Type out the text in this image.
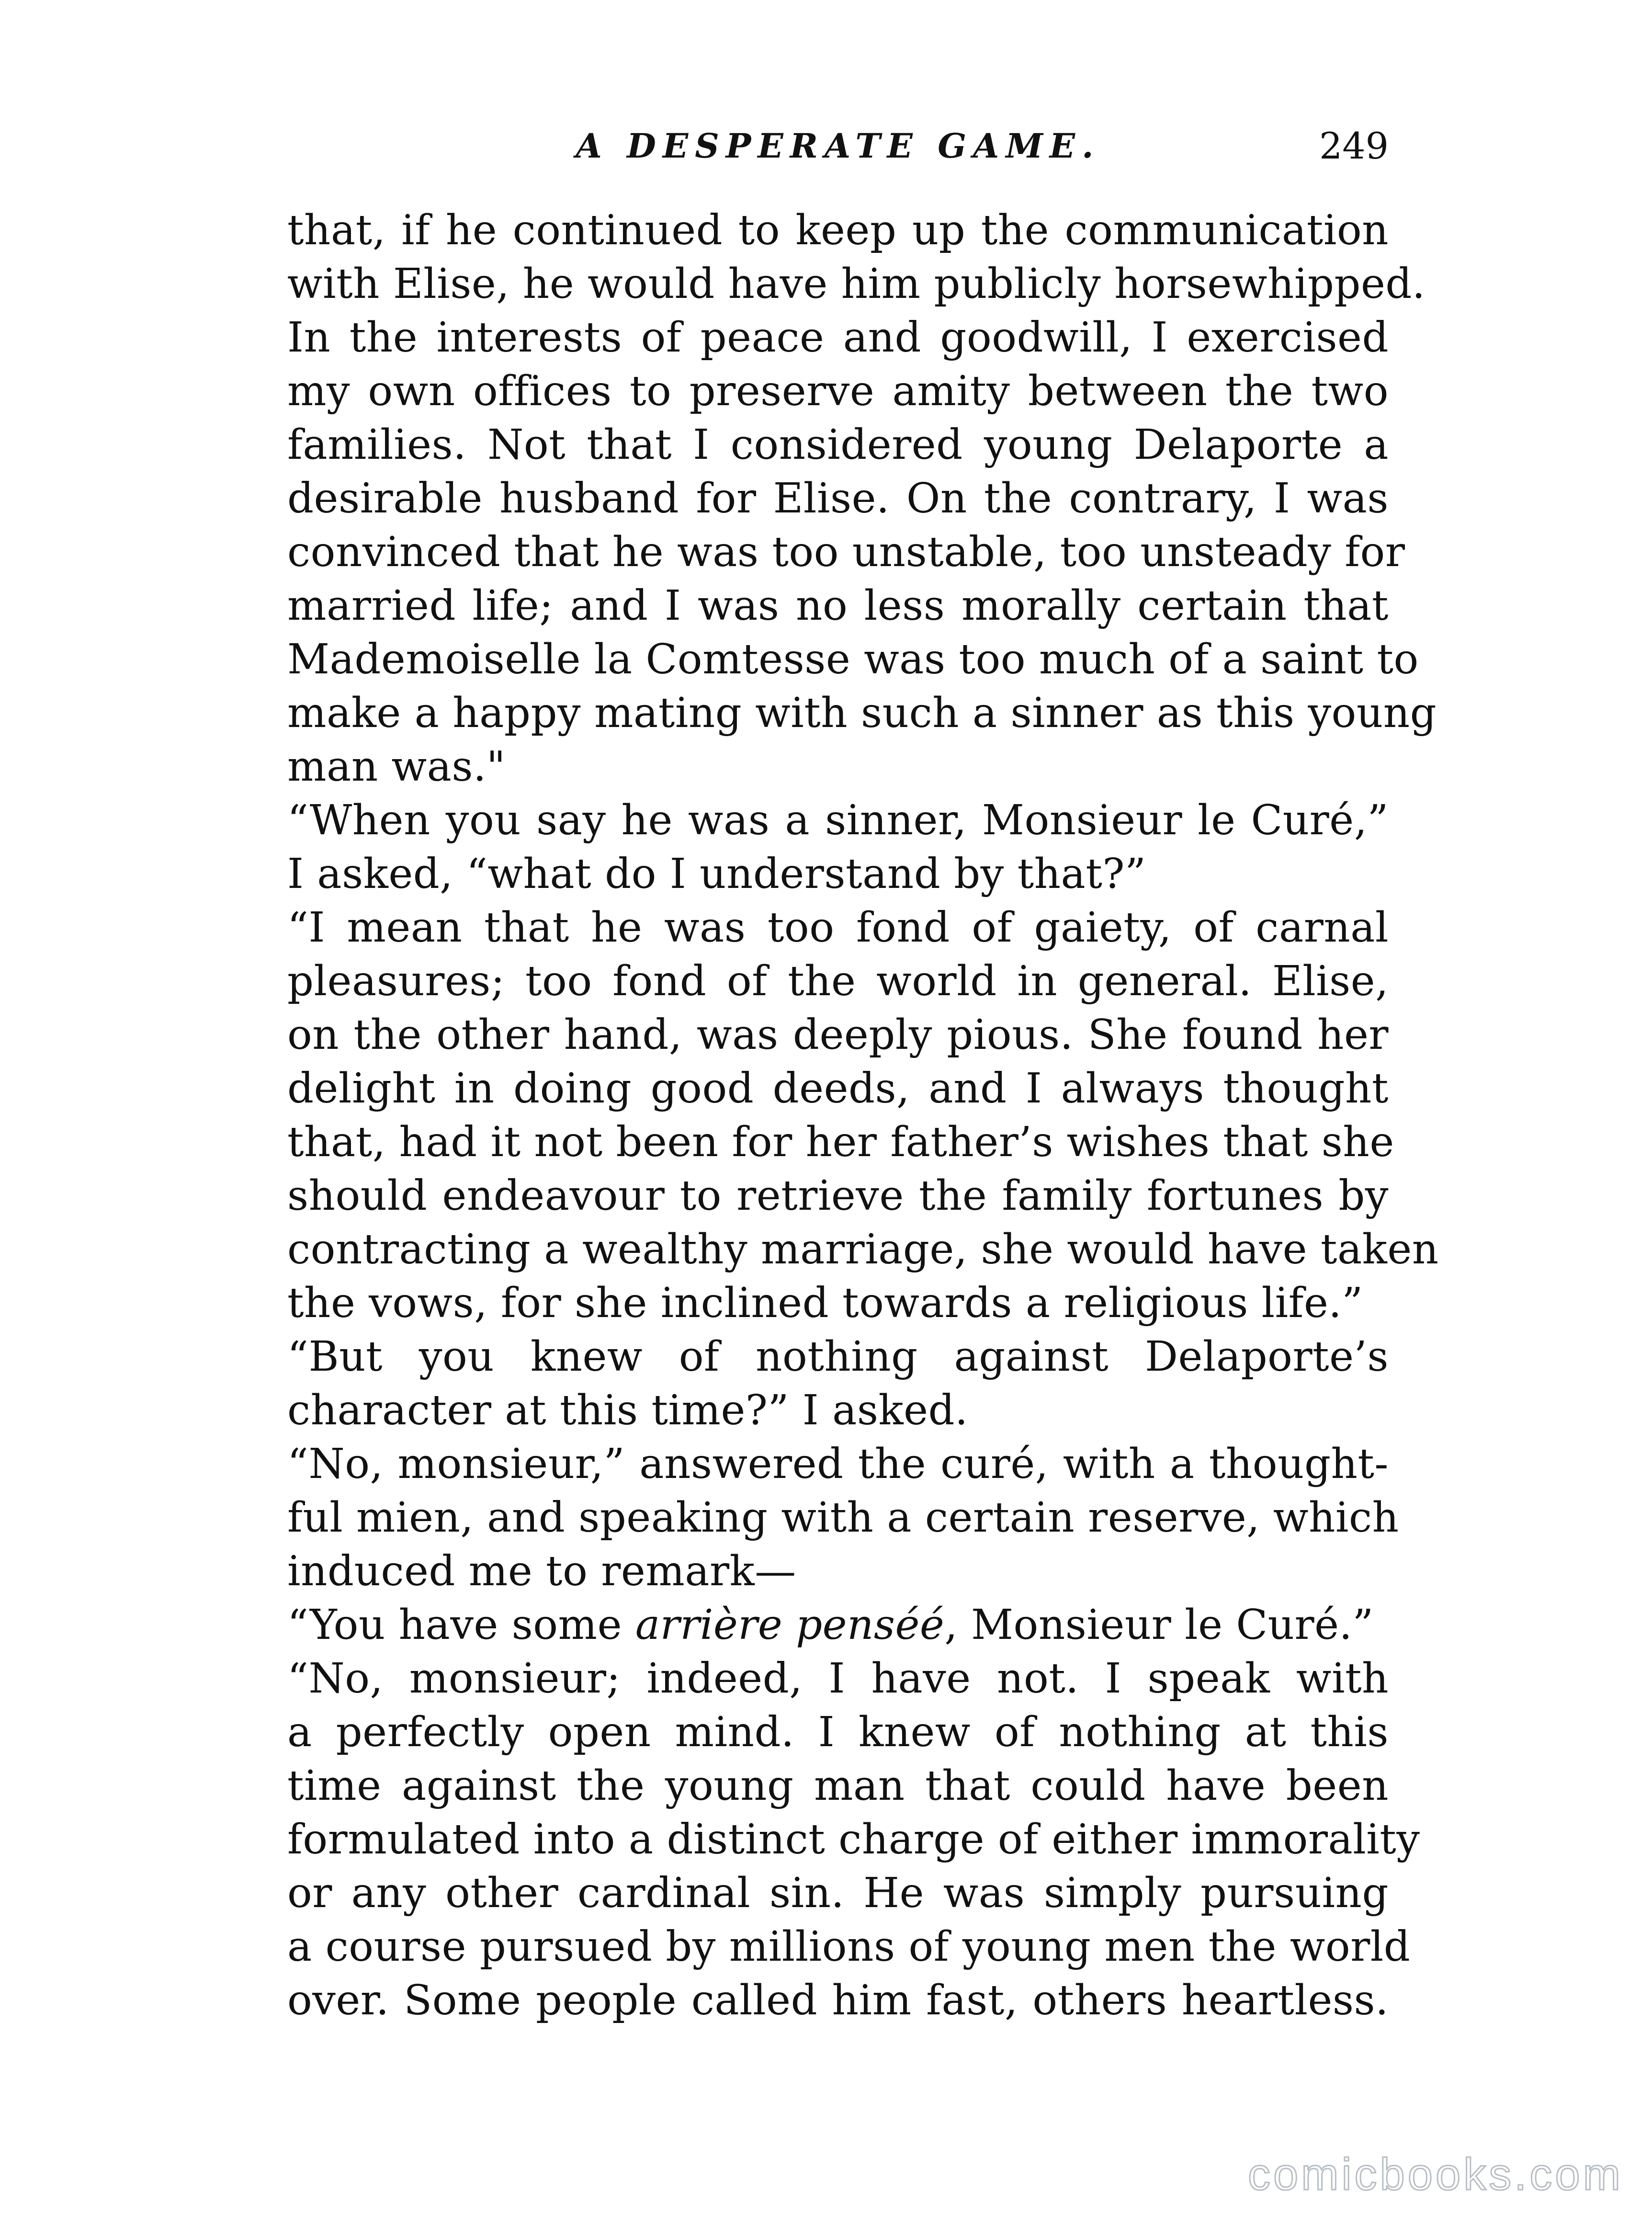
A DESPERATE GAME.	249
that, if he continued to keep up the communication
with Elise, he would have him publicly horsewhipped.
In the interests of peace and goodwill, I exercised
my own offices to preserve amity between the two
families. Not that I considered young Delaporte a
desirable husband for Elise. On the contrary, I was
convinced that he was too unstable, too unsteady for
married life; and I was no less morally certain that
Mademoiselle la Comtesse was too much of a saint to
make a happy mating with such a sinner as this young
man was."
“When you say he was a sinner, Monsieur le Curé,”
I asked, “what do I understand by that?”
“I mean that he was too fond of gaiety, of carnal
pleasures; too fond of the world in general. Elise,
on the other hand, was deeply pious. She found her
delight in doing good deeds, and I always thought
that, had it not been for her father’s wishes that she
should endeavour to retrieve the family fortunes by
contracting a wealthy marriage, she would have taken
the vows, for she inclined towards a religious life.”
“But you knew of nothing against Delaporte’s
character at this time?” I asked.
“No, monsieur,” answered the curé, with a thought-
ful mien, and speaking with a certain reserve, which
induced me to remark—
“You have some arrière penséé, Monsieur le Curé.”
“No, monsieur; indeed, I have not. I speak with
a perfectly open mind. I knew of nothing at this
time against the young man that could have been
formulated into a distinct charge of either immorality
or any other cardinal sin. He was simply pursuing
a course pursued by millions of young men the world
over. Some people called him fast, others heartless.
comicbooks.com
